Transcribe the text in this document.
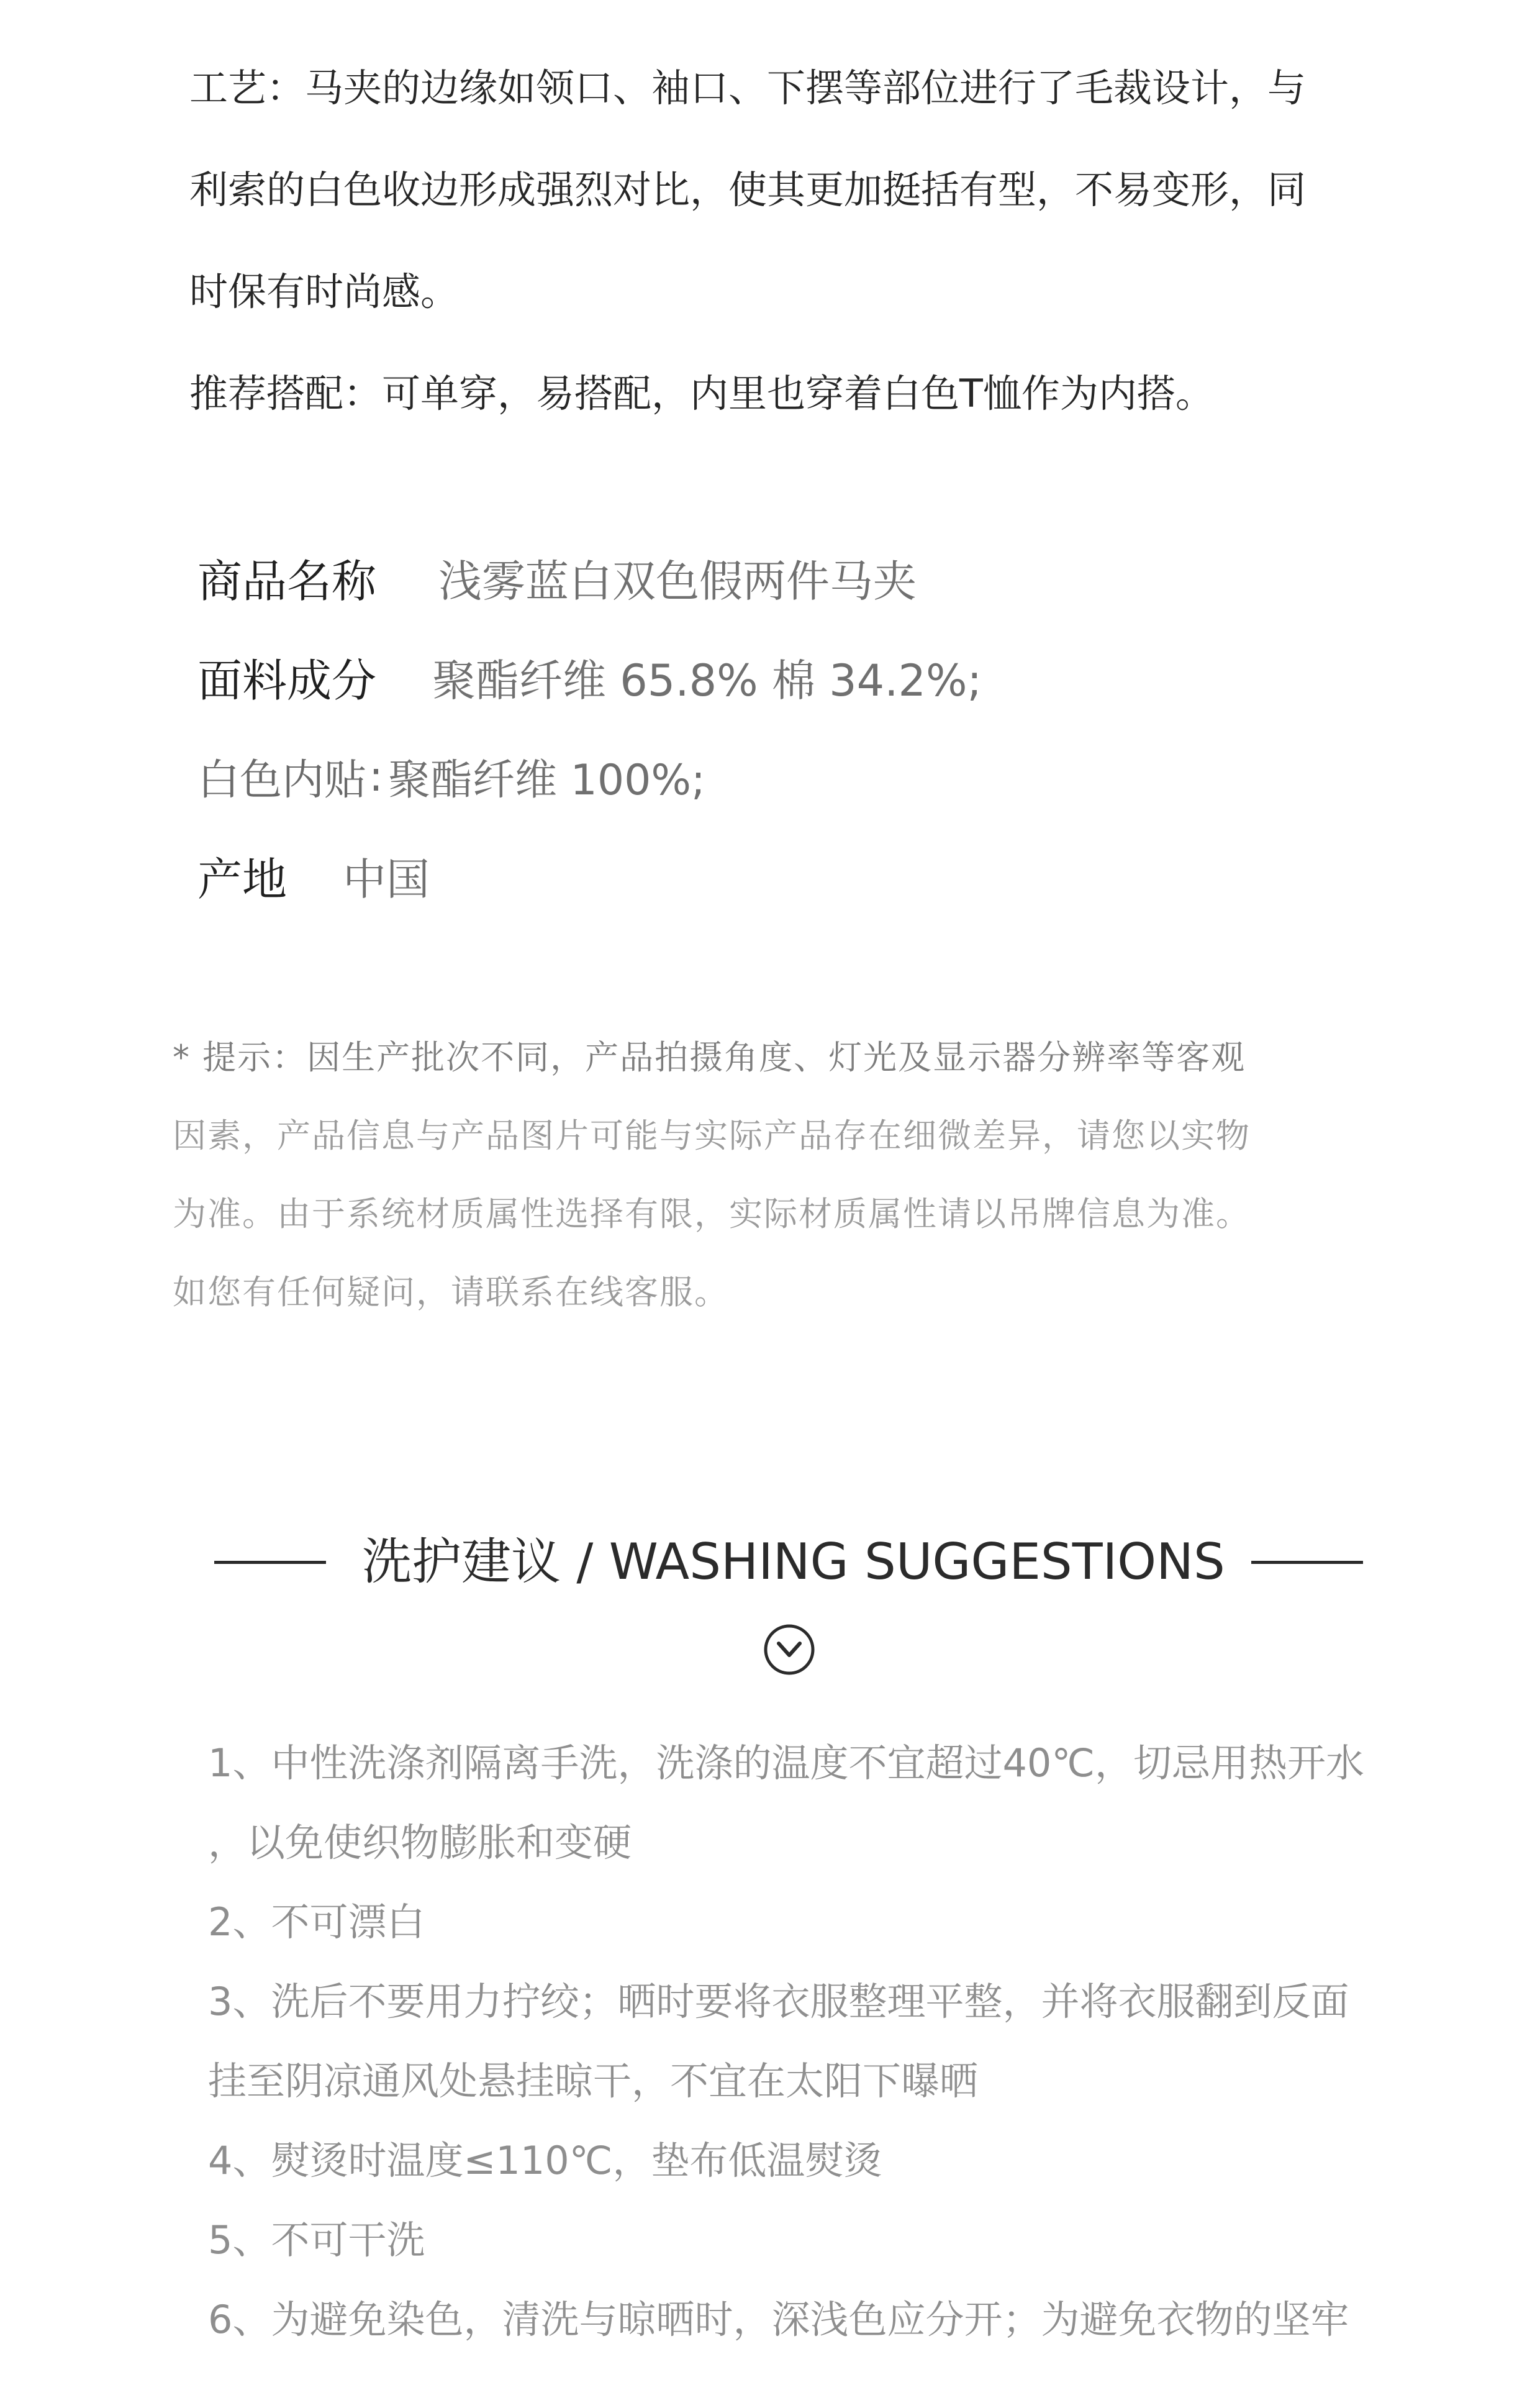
工艺：马夹的边缘如领口、袖口、下摆等部位进行了毛裁设计，与

利索的白色收边形成强烈对比，使其更加挺括有型，不易变形，同

时保有时尚感。

推荐搭配：可单穿，易搭配，内里也穿着白色T恤作为内搭。

商品名称 浅雾蓝白双色假两件马夹
面料成分 聚酯纤维 65.8% 棉 34.2%;
白色内贴 : 聚酯纤维 100%;
产地 中国

* 提示：因生产批次不同，产品拍摄角度、灯光及显示器分辨率等客观

因素，产品信息与产品图片可能与实际产品存在细微差异，请您以实物

为准。由于系统材质属性选择有限，实际材质属性请以吊牌信息为准。

如您有任何疑问，请联系在线客服。

洗护建议 / WASHING SUGGESTIONS

1、中性洗涤剂隔离手洗，洗涤的温度不宜超过40℃，切忌用热开水

，以免使织物膨胀和变硬

2、不可漂白

3、洗后不要用力拧绞；晒时要将衣服整理平整，并将衣服翻到反面

挂至阴凉通风处悬挂晾干，不宜在太阳下曝晒

4、熨烫时温度≤110℃，垫布低温熨烫

5、不可干洗

6、为避免染色，清洗与晾晒时，深浅色应分开；为避免衣物的坚牢
